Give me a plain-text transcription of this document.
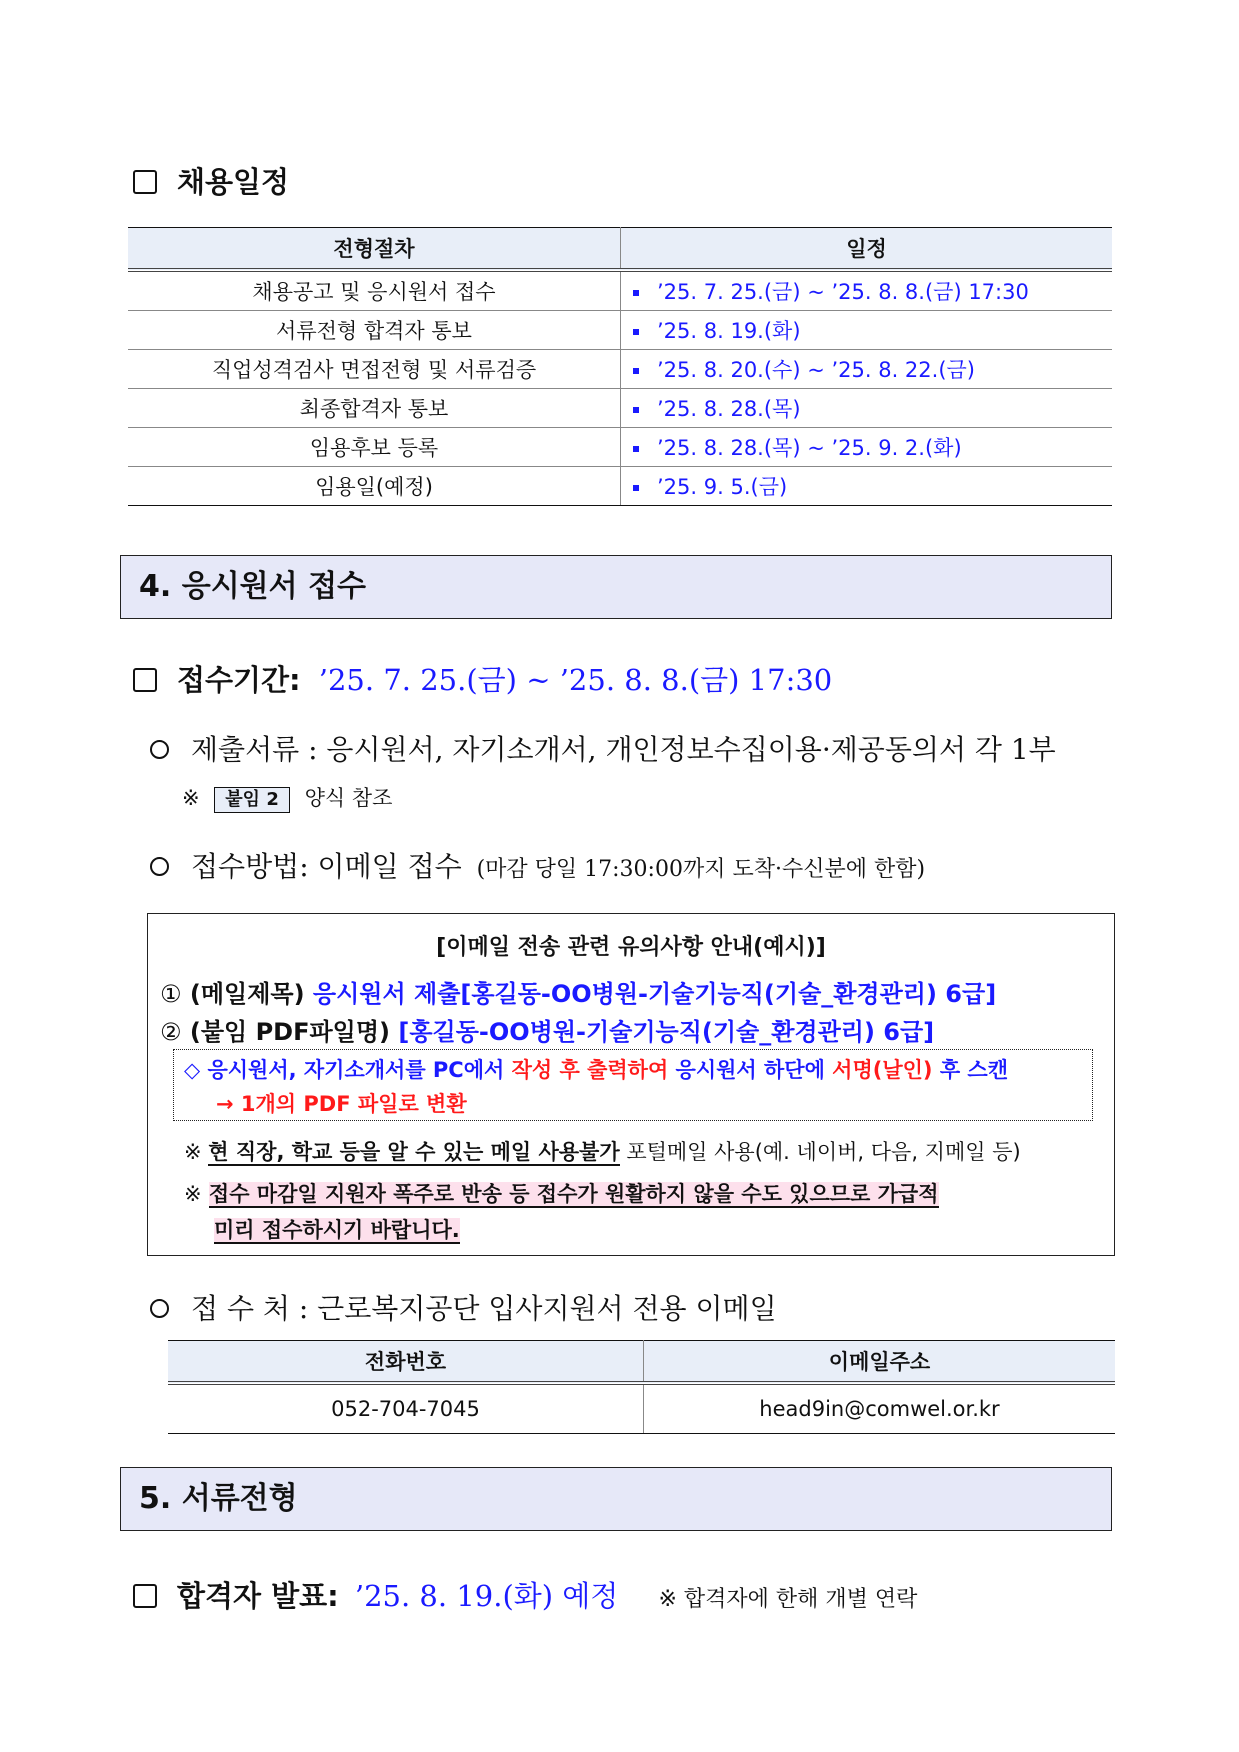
채용일정
전형절차	일정
채용공고 및 응시원서 접수	’25. 7. 25.(금) ~ ’25. 8. 8.(금) 17:30
서류전형 합격자 통보	’25. 8. 19.(화)
직업성격검사 면접전형 및 서류검증	’25. 8. 20.(수) ~ ’25. 8. 22.(금)
최종합격자 통보	’25. 8. 28.(목)
임용후보 등록	’25. 8. 28.(목) ~ ’25. 9. 2.(화)
임용일(예정)	’25. 9. 5.(금)
4. 응시원서 접수
접수기간: ’25. 7. 25.(금) ~ ’25. 8. 8.(금) 17:30
제출서류 : 응시원서, 자기소개서, 개인정보수집이용·제공동의서 각 1부
※ 붙임 2 양식 참조
접수방법: 이메일 접수 (마감 당일 17:30:00까지 도착·수신분에 한함)
[이메일 전송 관련 유의사항 안내(예시)]
① (메일제목) 응시원서 제출[홍길동-OO병원-기술기능직(기술_환경관리) 6급]
② (붙임 PDF파일명) [홍길동-OO병원-기술기능직(기술_환경관리) 6급]
◇ 응시원서, 자기소개서를 PC에서 작성 후 출력하여 응시원서 하단에 서명(날인) 후 스캔
→ 1개의 PDF 파일로 변환
※ 현 직장, 학교 등을 알 수 있는 메일 사용불가 포털메일 사용(예. 네이버, 다음, 지메일 등)
※ 접수 마감일 지원자 폭주로 반송 등 접수가 원활하지 않을 수도 있으므로 가급적
미리 접수하시기 바랍니다.
접 수 처 : 근로복지공단 입사지원서 전용 이메일
전화번호	이메일주소
052-704-7045	head9in@comwel.or.kr
5. 서류전형
합격자 발표: ’25. 8. 19.(화) 예정 ※ 합격자에 한해 개별 연락
